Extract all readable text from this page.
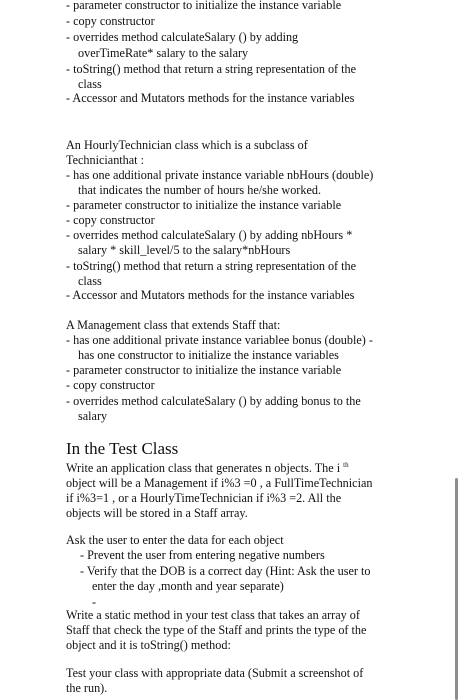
- parameter constructor to initialize the instance variable
- copy constructor
- overrides method calculateSalary () by adding
overTimeRate* salary to the salary
- toString() method that return a string representation of the
class
- Accessor and Mutators methods for the instance variables
An HourlyTechnician class which is a subclass of
Technicianthat :
- has one additional private instance variable nbHours (double)
that indicates the number of hours he/she worked.
- parameter constructor to initialize the instance variable
- copy constructor
- overrides method calculateSalary () by adding nbHours *
salary * skill_level/5 to the salary*nbHours
- toString() method that return a string representation of the
class
- Accessor and Mutators methods for the instance variables
A Management class that extends Staff that:
- has one additional private instance variablee bonus (double) -
has one constructor to initialize the instance variables
- parameter constructor to initialize the instance variable
- copy constructor
- overrides method calculateSalary () by adding bonus to the
salary
In the Test Class
Write an application class that generates n objects. The i $^{th}$
object will be a Management if i%3 =0 , a FullTimeTechnician
if i%3=1 , or a HourlyTimeTechnician if i%3 =2. All the
objects will be stored in a Staff array.
Ask the user to enter the data for each object
- Prevent the user from entering negative numbers
- Verify that the DOB is a correct day (Hint: Ask the user to
enter the day ,month and year separate)
-
Write a static method in your test class that takes an array of
Staff that check the type of the Staff and prints the type of the
object and it is toString() method:
Test your class with appropriate data (Submit a screenshot of
the run).
